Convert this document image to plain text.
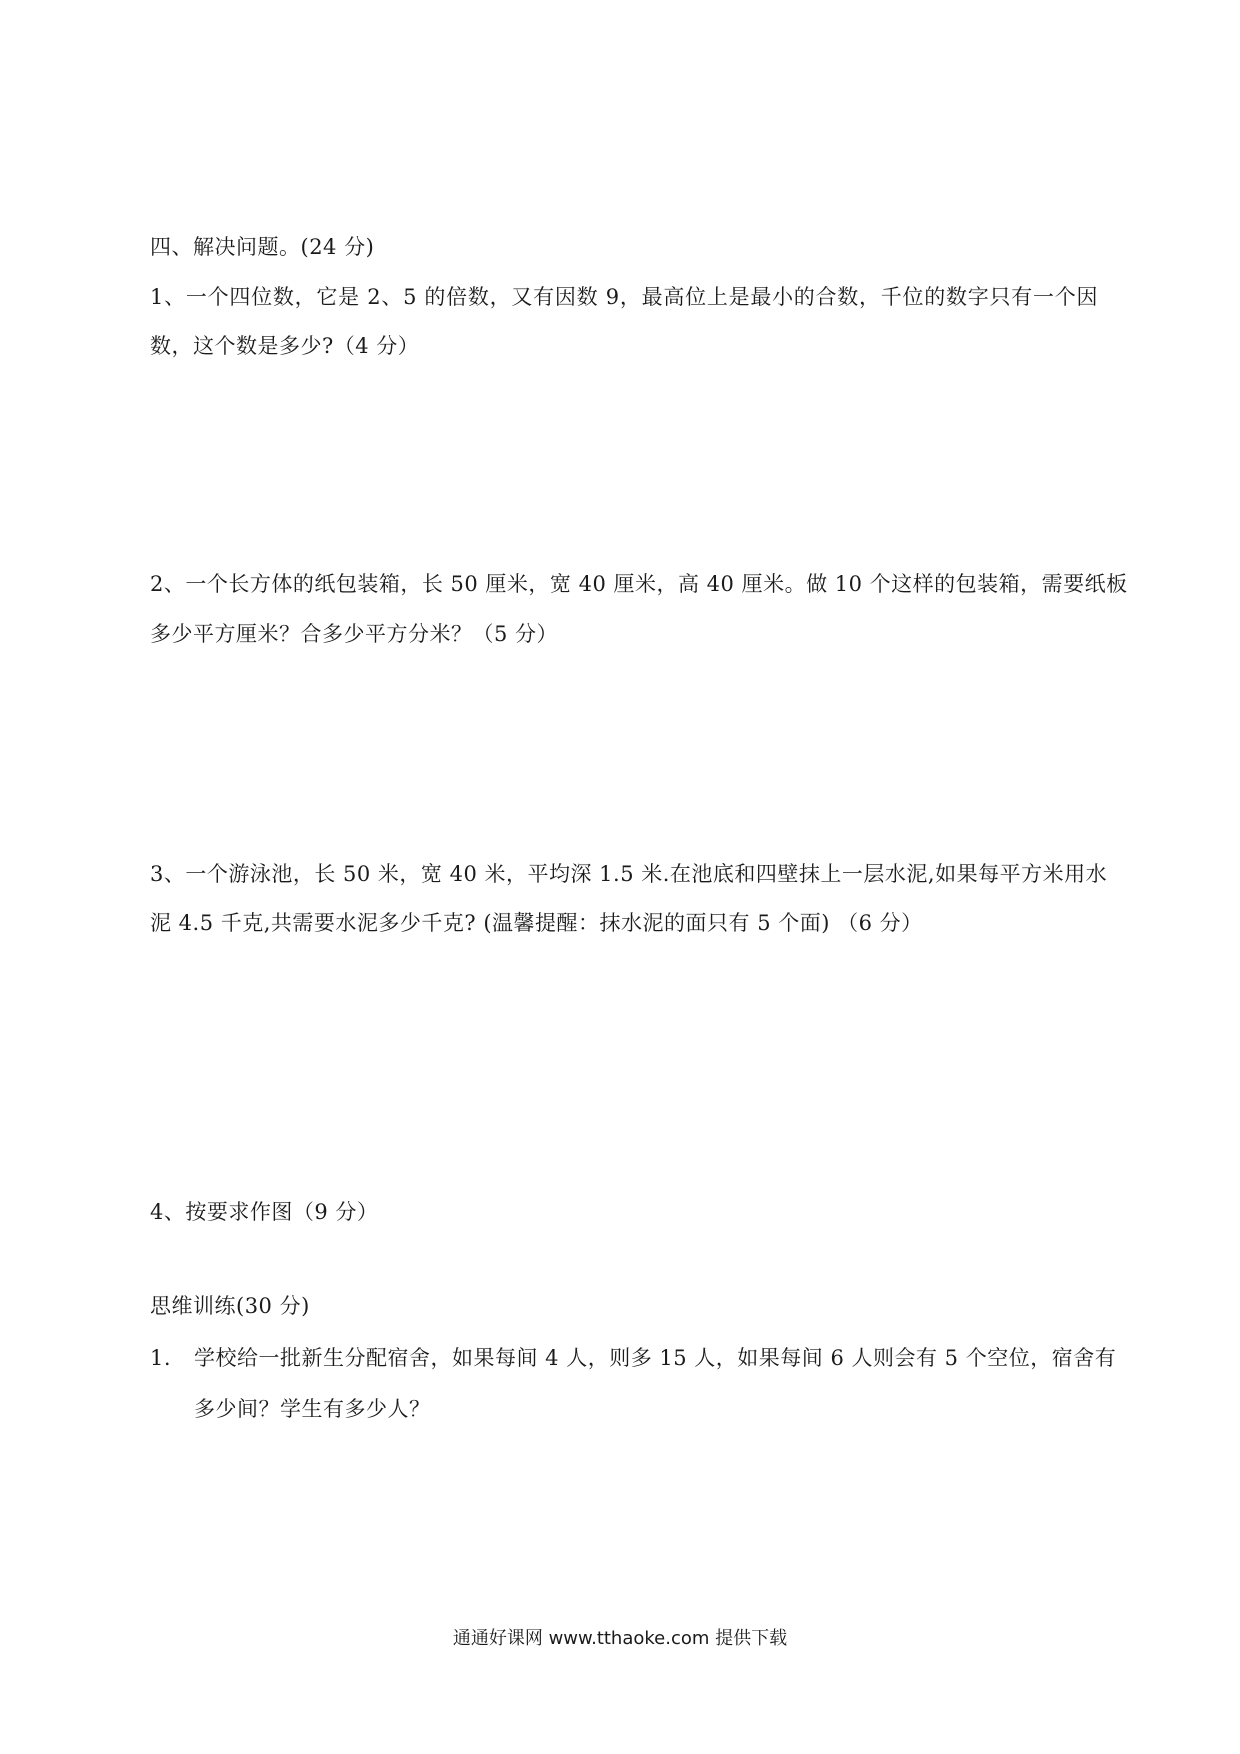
四、解决问题。(24 分)
1、一个四位数，它是 2、5 的倍数，又有因数 9，最高位上是最小的合数，千位的数字只有一个因
数，这个数是多少?（4 分）
2、一个长方体的纸包装箱，长 50 厘米，宽 40 厘米，高 40 厘米。做 10 个这样的包装箱，需要纸板
多少平方厘米？合多少平方分米？（5 分）
3、一个游泳池，长 50 米，宽 40 米，平均深 1.5 米.在池底和四壁抹上一层水泥,如果每平方米用水
泥 4.5 千克,共需要水泥多少千克? (温馨提醒：抹水泥的面只有 5 个面) （6 分）
4、按要求作图（9 分）
思维训练(30 分)
1. 学校给一批新生分配宿舍，如果每间 4 人，则多 15 人，如果每间 6 人则会有 5 个空位，宿舍有
多少间？学生有多少人？
通通好课网 www.tthaoke.com 提供下载
